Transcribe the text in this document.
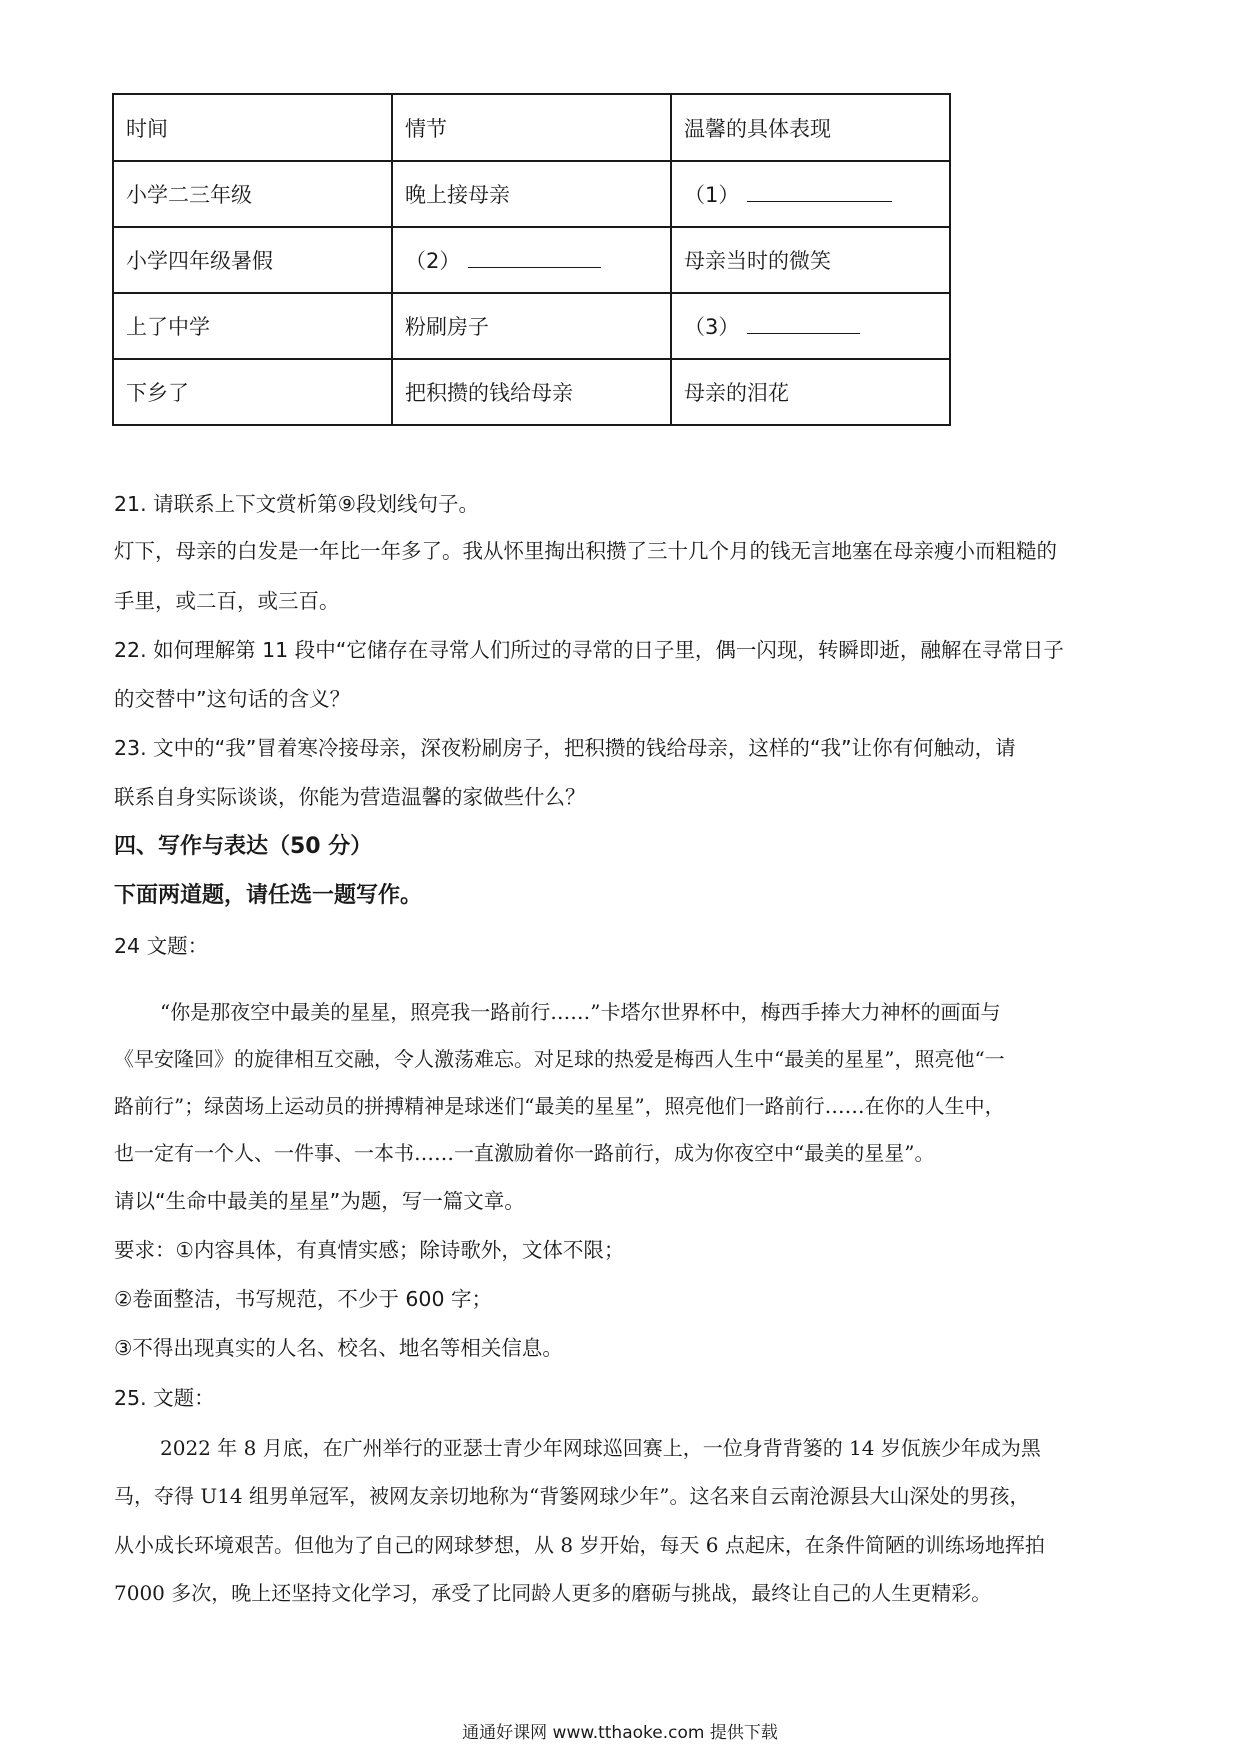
时间	情节	温馨的具体表现
小学二三年级	晚上接母亲	（1）
小学四年级暑假	（2）	母亲当时的微笑
上了中学	粉刷房子	（3）
下乡了	把积攒的钱给母亲	母亲的泪花
21. 请联系上下文赏析第⑨段划线句子。
灯下，母亲的白发是一年比一年多了。我从怀里掏出积攒了三十几个月的钱无言地塞在母亲瘦小而粗糙的
手里，或二百，或三百。
22. 如何理解第 11 段中“它储存在寻常人们所过的寻常的日子里，偶一闪现，转瞬即逝，融解在寻常日子
的交替中”这句话的含义？
23. 文中的“我”冒着寒冷接母亲，深夜粉刷房子，把积攒的钱给母亲，这样的“我”让你有何触动，请
联系自身实际谈谈，你能为营造温馨的家做些什么？
四、写作与表达（50 分）
下面两道题，请任选一题写作。
24 文题：
“你是那夜空中最美的星星，照亮我一路前行……”卡塔尔世界杯中，梅西手捧大力神杯的画面与
《早安隆回》的旋律相互交融，令人激荡难忘。对足球的热爱是梅西人生中“最美的星星”，照亮他“一
路前行”；绿茵场上运动员的拼搏精神是球迷们“最美的星星”，照亮他们一路前行……在你的人生中，
也一定有一个人、一件事、一本书……一直激励着你一路前行，成为你夜空中“最美的星星”。
请以“生命中最美的星星”为题，写一篇文章。
要求：①内容具体，有真情实感；除诗歌外，文体不限；
②卷面整洁，书写规范，不少于 600 字；
③不得出现真实的人名、校名、地名等相关信息。
25. 文题：
2022 年 8 月底，在广州举行的亚瑟士青少年网球巡回赛上，一位身背背篓的 14 岁佤族少年成为黑
马，夺得 U14 组男单冠军，被网友亲切地称为“背篓网球少年”。这名来自云南沧源县大山深处的男孩，
从小成长环境艰苦。但他为了自己的网球梦想，从 8 岁开始，每天 6 点起床，在条件简陋的训练场地挥拍
7000 多次，晚上还坚持文化学习，承受了比同龄人更多的磨砺与挑战，最终让自己的人生更精彩。
通通好课网 www.tthaoke.com 提供下载
